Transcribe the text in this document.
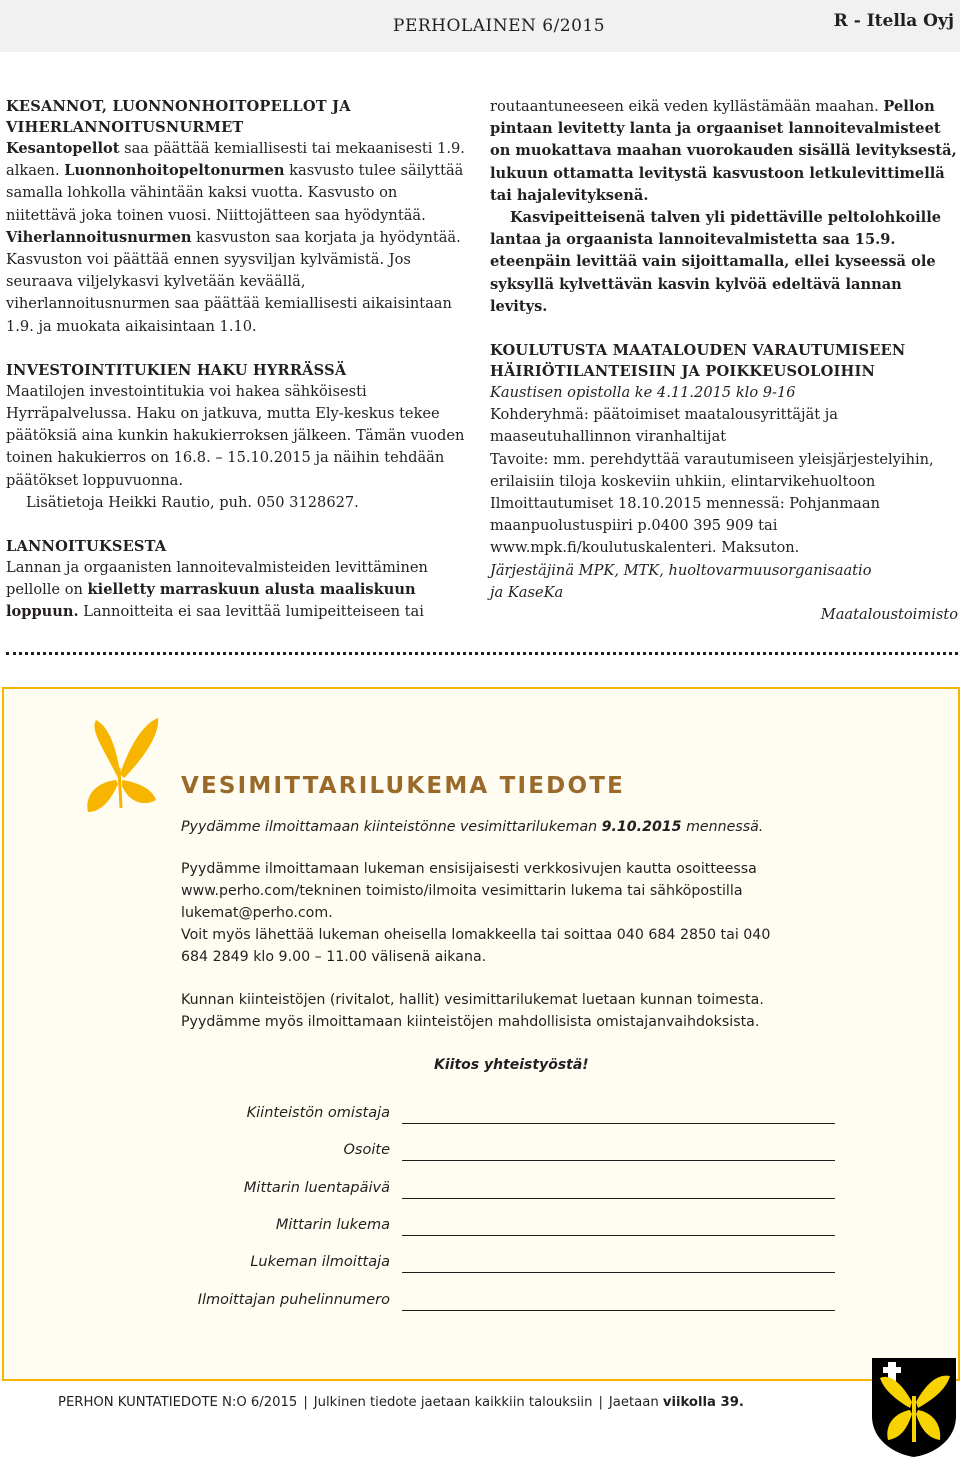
PERHOLAINEN 6/2015	R - Itella Oyj
KESANNOT, LUONNONHOITOPELLOT JA
VIHERLANNOITUSNURMET

Kesantopellot saa päättää kemiallisesti tai mekaanisesti 1.9. alkaen. Luonnonhoitopeltonurmen kasvusto tulee säilyttää samalla lohkolla vähintään kaksi vuotta. Kasvusto on niitettävä joka toinen vuosi. Niittojätteen saa hyödyntää. Viherlannoitusnurmen kasvuston saa korjata ja hyödyntää. Kasvuston voi päättää ennen syysviljan kylvämistä. Jos seuraava viljelykasvi kylvetään keväällä, viherlannoitusnurmen saa päättää kemiallisesti aikaisintaan 1.9. ja muokata aikaisintaan 1.10.

INVESTOINTITUKIEN HAKU HYRRÄSSÄ

Maatilojen investointitukia voi hakea sähköisesti Hyrräpalvelussa. Haku on jatkuva, mutta Ely-keskus tekee päätöksiä aina kunkin hakukierroksen jälkeen. Tämän vuoden toinen hakukierros on 16.8. – 15.10.2015 ja näihin tehdään päätökset loppuvuonna.

Lisätietoja Heikki Rautio, puh. 050 3128627.

LANNOITUKSESTA

Lannan ja orgaanisten lannoitevalmisteiden levittäminen pellolle on kielletty marraskuun alusta maaliskuun loppuun. Lannoitteita ei saa levittää lumipeitteiseen tai

routaantuneeseen eikä veden kyllästämään maahan. Pellon pintaan levitetty lanta ja orgaaniset lannoitevalmisteet on muokattava maahan vuorokauden sisällä levityksestä, lukuun ottamatta levitystä kasvustoon letkulevittimellä tai hajalevityksenä.

Kasvipeitteisenä talven yli pidettäville peltolohkoille lantaa ja orgaanista lannoitevalmistetta saa 15.9. eteenpäin levittää vain sijoittamalla, ellei kyseessä ole syksyllä kylvettävän kasvin kylvöä edeltävä lannan levitys.

KOULUTUSTA MAATALOUDEN VARAUTUMISEEN
HÄIRIÖTILANTEISIIN JA POIKKEUSOLOIHIN

Kaustisen opistolla ke 4.11.2015 klo 9-16

Kohderyhmä: päätoimiset maatalousyrittäjät ja maaseutuhallinnon viranhaltijat

Tavoite: mm. perehdyttää varautumiseen yleisjärjestelyihin, erilaisiin tiloja koskeviin uhkiin, elintarvikehuoltoon

Ilmoittautumiset 18.10.2015 mennessä: Pohjanmaan maanpuolustuspiiri p.0400 395 909 tai www.mpk.fi/koulutuskalenteri. Maksuton.

Järjestäjinä MPK, MTK, huoltovarmuusorganisaatio
ja KaseKa

Maataloustoimisto

VESIMITTARILUKEMA TIEDOTE

Pyydämme ilmoittamaan kiinteistönne vesimittarilukeman 9.10.2015 mennessä.

Pyydämme ilmoittamaan lukeman ensisijaisesti verkkosivujen kautta osoitteessa

www.perho.com/tekninen toimisto/ilmoita vesimittarin lukema tai sähköpostilla

lukemat@perho.com.

Voit myös lähettää lukeman oheisella lomakkeella tai soittaa 040 684 2850 tai 040

684 2849 klo 9.00 – 11.00 välisenä aikana.

Kunnan kiinteistöjen (rivitalot, hallit) vesimittarilukemat luetaan kunnan toimesta.

Pyydämme myös ilmoittamaan kiinteistöjen mahdollisista omistajanvaihdoksista.

Kiitos yhteistyöstä!
Kiinteistön omistaja
Osoite
Mittarin luentapäivä
Mittarin lukema
Lukeman ilmoittaja
Ilmoittajan puhelinnumero
PERHON KUNTATIEDOTE N:O 6/2015 | Julkinen tiedote jaetaan kaikkiin talouksiin | Jaetaan viikolla 39.
